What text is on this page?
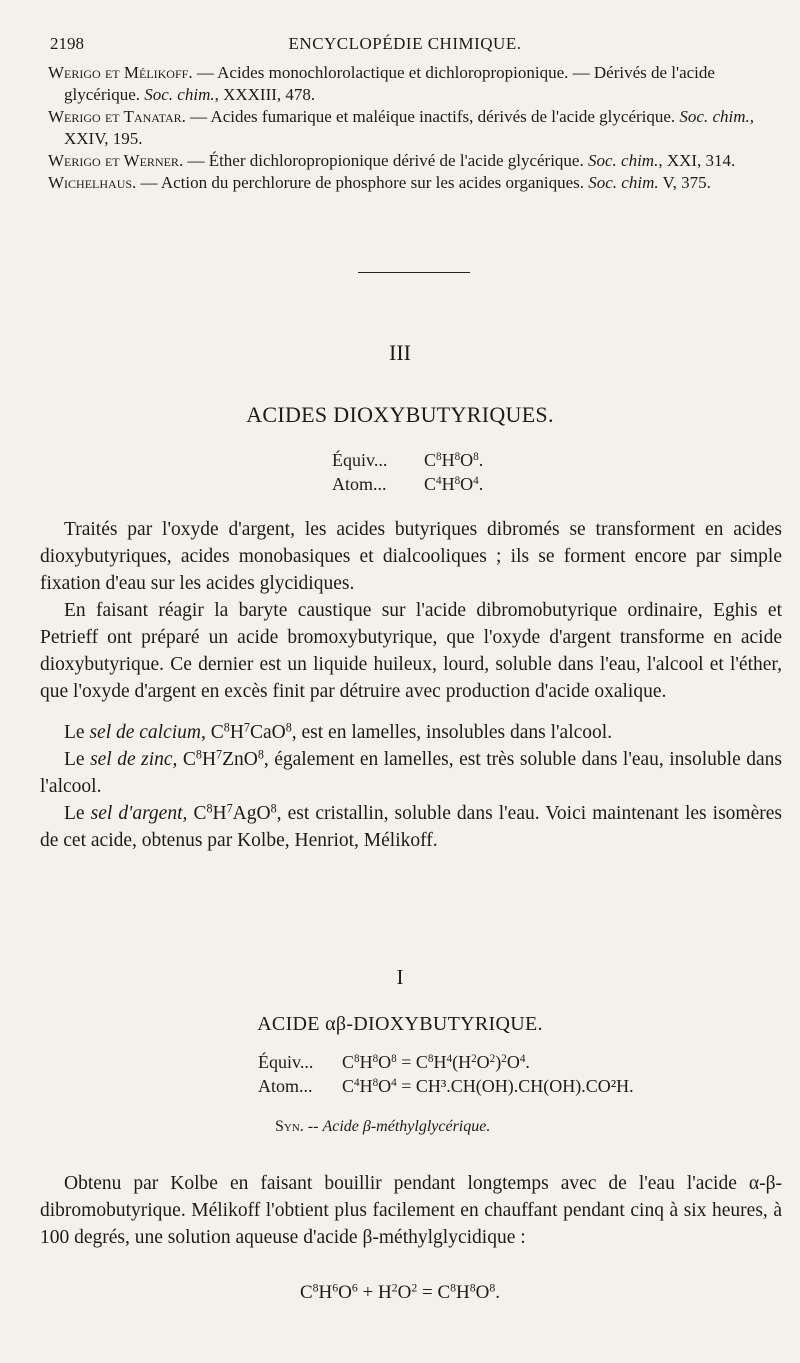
2198	ENCYCLOPÉDIE CHIMIQUE.

Werigo et Mélikoff. — Acides monochlorolactique et dichloropropionique. — Dérivés de l'acide glycérique. Soc. chim., XXXIII, 478.

Werigo et Tanatar. — Acides fumarique et maléique inactifs, dérivés de l'acide glycérique. Soc. chim., XXIV, 195.

Werigo et Werner. — Éther dichloropropionique dérivé de l'acide glycérique. Soc. chim., XXI, 314.

Wichelhaus. — Action du perchlorure de phosphore sur les acides organiques. Soc. chim. V, 375.

III
ACIDES DIOXYBUTYRIQUES.
Équiv... $C^8H^8O^8$.
Atom... $C^4H^8O^4$.

Traités par l'oxyde d'argent, les acides butyriques dibromés se transforment en acides dioxybutyriques, acides monobasiques et dialcooliques ; ils se forment encore par simple fixation d'eau sur les acides glycidiques.

En faisant réagir la baryte caustique sur l'acide dibromobutyrique ordinaire, Eghis et Petrieff ont préparé un acide bromoxybutyrique, que l'oxyde d'argent transforme en acide dioxybutyrique. Ce dernier est un liquide huileux, lourd, soluble dans l'eau, l'alcool et l'éther, que l'oxyde d'argent en excès finit par détruire avec production d'acide oxalique.

Le sel de calcium, $C^8H^7CaO^8$, est en lamelles, insolubles dans l'alcool.

Le sel de zinc, $C^8H^7ZnO^8$, également en lamelles, est très soluble dans l'eau, insoluble dans l'alcool.

Le sel d'argent, $C^8H^7AgO^8$, est cristallin, soluble dans l'eau. Voici maintenant les isomères de cet acide, obtenus par Kolbe, Henriot, Mélikoff.

I
ACIDE αβ-DIOXYBUTYRIQUE.
Équiv... $C^8H^8O^8 = C^8H^4(H^2O^2)^2O^4$.
Atom... $C^4H^8O^4 = CH^3.CH(OH).CH(OH).CO^2H$.
Syn. -- Acide β-méthylglycérique.

Obtenu par Kolbe en faisant bouillir pendant longtemps avec de l'eau l'acide α-β-dibromobutyrique. Mélikoff l'obtient plus facilement en chauffant pendant cinq à six heures, à 100 degrés, une solution aqueuse d'acide β-méthylglycidique :

$C^8H^6O^6 + H^2O^2 = C^8H^8O^8$.
